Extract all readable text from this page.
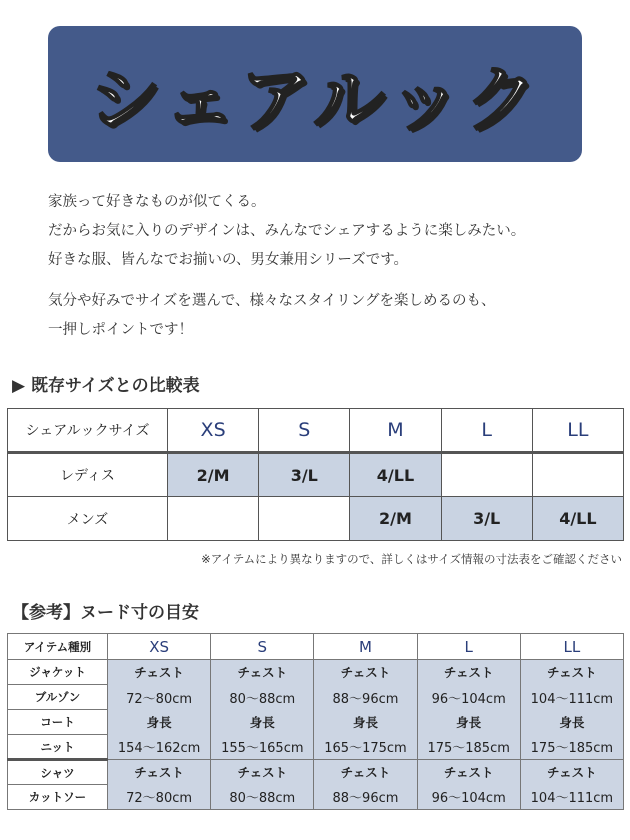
シェアルック

家族って好きなものが似てくる。

だからお気に入りのデザインは、みんなでシェアするように楽しみたい。

好きな服、皆んなでお揃いの、男女兼用シリーズです。

気分や好みでサイズを選んで、様々なスタイリングを楽しめるのも、

一押しポイントです！

▶ 既存サイズとの比較表
シェアルックサイズ	XS	S	M	L	LL
レディス	2/M	3/L	4/LL		
メンズ			2/M	3/L	4/LL
※アイテムにより異なりますので、詳しくはサイズ情報の寸法表をご確認ください
【参考】ヌード寸の目安
アイテム種別	XS	S	M	L	LL
ジャケット	チェスト	チェスト	チェスト	チェスト	チェスト
ブルゾン	72〜80cm	80〜88cm	88〜96cm	96〜104cm	104〜111cm
コート	身長	身長	身長	身長	身長
ニット	154〜162cm	155〜165cm	165〜175cm	175〜185cm	175〜185cm
シャツ	チェスト	チェスト	チェスト	チェスト	チェスト
カットソー	72〜80cm	80〜88cm	88〜96cm	96〜104cm	104〜111cm
